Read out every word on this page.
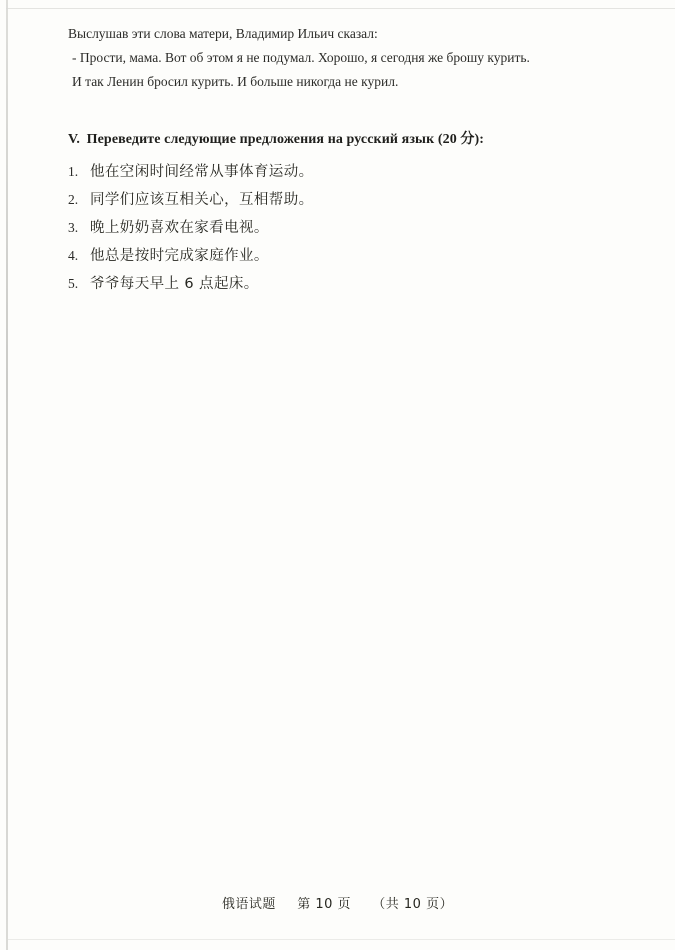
Выслушав эти слова матери, Владимир Ильич сказал:
- Прости, мама. Вот об этом я не подумал. Хорошо, я сегодня же брошу курить.
И так Ленин бросил курить. И больше никогда не курил.
V. Переведите следующие предложения на русский язык (20 分):
1. 他在空闲时间经常从事体育运动。
2. 同学们应该互相关心，互相帮助。
3. 晚上奶奶喜欢在家看电视。
4. 他总是按时完成家庭作业。
5. 爷爷每天早上 6 点起床。
俄语试题 第 10 页 （共 10 页）
